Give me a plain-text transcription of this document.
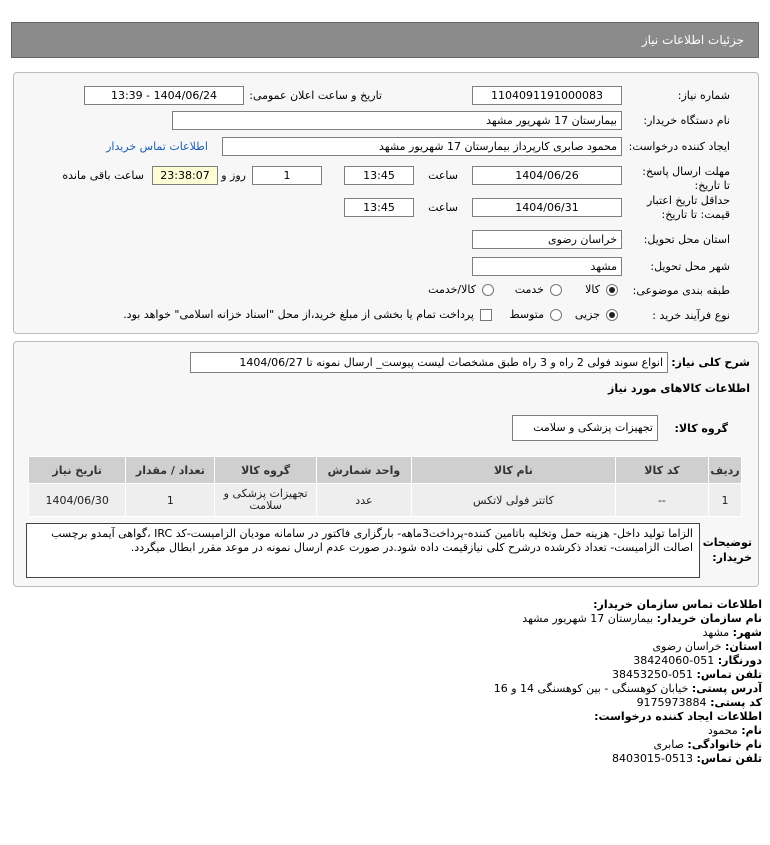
جزئیات اطلاعات نیاز
شماره نیاز:
1104091191000083
تاریخ و ساعت اعلان عمومی:
1404/06/24 - 13:39
نام دستگاه خریدار:
بیمارستان 17 شهریور مشهد
ایجاد کننده درخواست:
محمود صابری کارپرداز بیمارستان 17 شهریور مشهد
اطلاعات تماس خریدار
مهلت ارسال پاسخ: تا تاریخ:
1404/06/26
ساعت
13:45
1
روز و
23:38:07
ساعت باقی مانده
حداقل تاریخ اعتبار قیمت: تا تاریخ:
1404/06/31
ساعت
13:45
استان محل تحویل:
خراسان رضوی
شهر محل تحویل:
مشهد
طبقه بندی موضوعی:
کالا
خدمت
کالا/خدمت
نوع فرآیند خرید :
جزیی
متوسط
پرداخت تمام یا بخشی از مبلغ خرید،از محل "اسناد خزانه اسلامی" خواهد بود.
شرح کلی نیاز:
انواع سوند فولی 2 راه و 3 راه طبق مشخصات لیست پیوست_ ارسال نمونه تا 1404/06/27
اطلاعات کالاهای مورد نیاز
گروه کالا:
تجهیزات پزشکی و سلامت
توضیحات خریدار:
الزاما تولید داخل- هزینه حمل وتخلیه باتامین کننده-پرداخت3ماهه- بارگزاری فاکتور در سامانه مودیان الزامیست-کد IRC ،گواهی آیمدو برچسب اصالت الزامیست- تعداد ذکرشده درشرح کلی نیازقیمت داده شود.در صورت عدم ارسال نمونه در موعد مقرر ابطال میگردد.
ردیف	کد کالا	نام کالا	واحد شمارش	گروه کالا	تعداد / مقدار	تاریخ نیاز
1	--	کاتتر فولی لاتکس	عدد	تجهیزات پزشکی و سلامت	1	1404/06/30
اطلاعات تماس سازمان خریدار:
نام سازمان خریدار: بیمارستان 17 شهریور مشهد
شهر: مشهد
استان: خراسان رضوی
دورنگار: 051-38424060
تلفن تماس: 051-38453250
آدرس پستی: خیابان کوهسنگی - بین کوهسنگی 14 و 16
کد پستی: 9175973884
اطلاعات ایجاد کننده درخواست:
نام: محمود
نام خانوادگی: صابری
تلفن تماس: 0513-8403015
